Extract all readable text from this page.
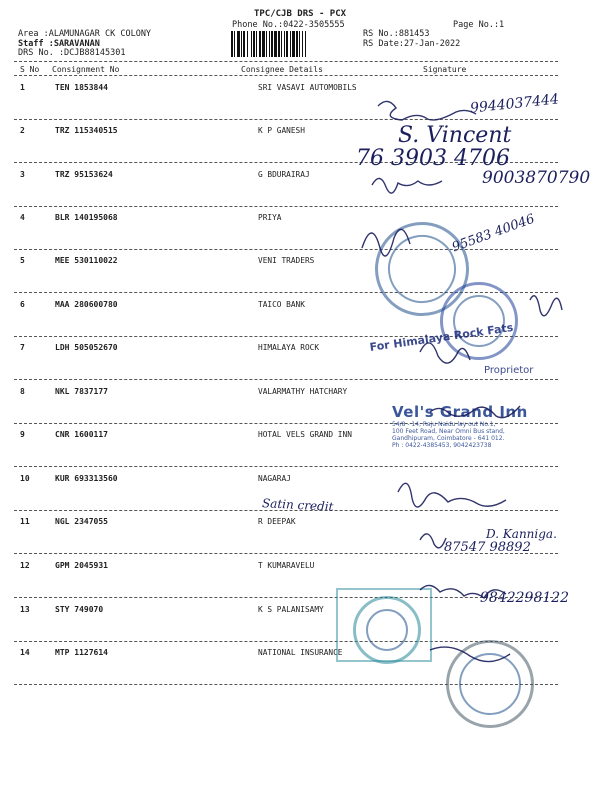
TPC/CJB DRS - PCX
Phone No.:0422-3505555	Page No.:1
Area :ALAMUNAGAR CK COLONY
Staff :SARAVANAN
DRS No. :DCJB88145301
RS No.:881453
RS Date:27-Jan-2022
S No Consignment No	Consignee Details	Signature
1	TEN 1853844	SRI VASAVI AUTOMOBILS
2	TRZ 115340515	K P GANESH
3	TRZ 95153624	G BDURAIRAJ
4	BLR 140195068	PRIYA
5	MEE 530110022	VENI TRADERS
6	MAA 280600780	TAICO BANK
7	LDH 505052670	HIMALAYA ROCK
8	NKL 7837177	VALARMATHY HATCHARY
9	CNR 1600117	HOTAL VELS GRAND INN
10	KUR 693313560	NAGARAJ
11	NGL 2347055	R DEEPAK
12	GPM 2045931	T KUMARAVELU
13	STY 749070	K S PALANISAMY
14	MTP 1127614	NATIONAL INSURANCE
For Himalaya Rock Fats
Proprietor
Vel's Grand Inn
54/8 - 14, Raju Naidu lay out No.1,
100 Feet Road, Near Omni Bus stand,
Gandhipuram, Coimbatore - 641 012.
Ph : 0422-4385453, 9042423738
9944037444
S. Vincent
76 3903 4706
9003870790
95583 40046
Satin credit
D. Kanniga.
87547 98892
9842298122
